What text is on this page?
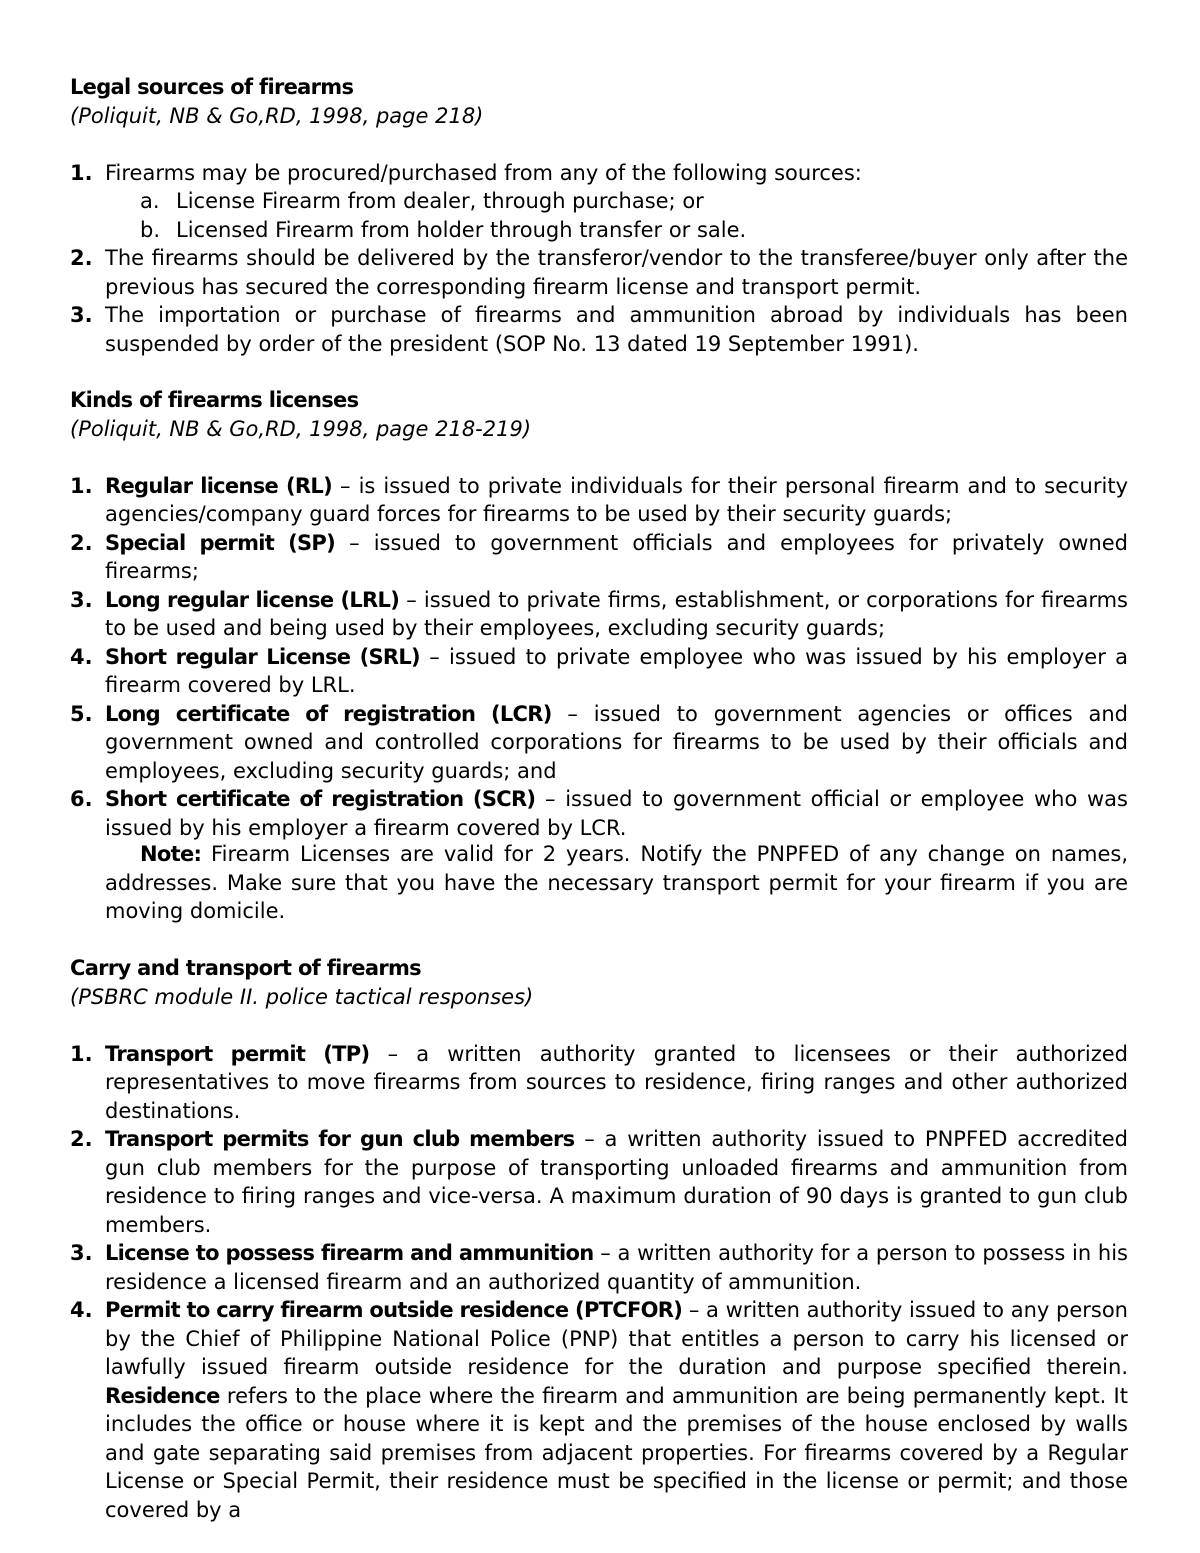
Legal sources of firearms

(Poliquit, NB & Go,RD, 1998, page 218)

1. Firearms may be procured/purchased from any of the following sources:
a. License Firearm from dealer, through purchase; or
b. Licensed Firearm from holder through transfer or sale.
2. The firearms should be delivered by the transferor/vendor to the transferee/buyer only after the previous has secured the corresponding firearm license and transport permit.
3. The importation or purchase of firearms and ammunition abroad by individuals has been suspended by order of the president (SOP No. 13 dated 19 September 1991).

Kinds of firearms licenses

(Poliquit, NB & Go,RD, 1998, page 218-219)

1. Regular license (RL) – is issued to private individuals for their personal firearm and to security agencies/company guard forces for firearms to be used by their security guards;
2. Special permit (SP) – issued to government officials and employees for privately owned firearms;
3. Long regular license (LRL) – issued to private firms, establishment, or corporations for firearms to be used and being used by their employees, excluding security guards;
4. Short regular License (SRL) – issued to private employee who was issued by his employer a firearm covered by LRL.
5. Long certificate of registration (LCR) – issued to government agencies or offices and government owned and controlled corporations for firearms to be used by their officials and employees, excluding security guards; and
6. Short certificate of registration (SCR) – issued to government official or employee who was issued by his employer a firearm covered by LCR.
Note: Firearm Licenses are valid for 2 years. Notify the PNPFED of any change on names, addresses. Make sure that you have the necessary transport permit for your firearm if you are moving domicile.

Carry and transport of firearms

(PSBRC module II. police tactical responses)

1. Transport permit (TP) – a written authority granted to licensees or their authorized representatives to move firearms from sources to residence, firing ranges and other authorized destinations.
2. Transport permits for gun club members – a written authority issued to PNPFED accredited gun club members for the purpose of transporting unloaded firearms and ammunition from residence to firing ranges and vice-versa. A maximum duration of 90 days is granted to gun club members.
3. License to possess firearm and ammunition – a written authority for a person to possess in his residence a licensed firearm and an authorized quantity of ammunition.
4. Permit to carry firearm outside residence (PTCFOR) – a written authority issued to any person by the Chief of Philippine National Police (PNP) that entitles a person to carry his licensed or lawfully issued firearm outside residence for the duration and purpose specified therein. Residence refers to the place where the firearm and ammunition are being permanently kept. It includes the office or house where it is kept and the premises of the house enclosed by walls and gate separating said premises from adjacent properties. For firearms covered by a Regular License or Special Permit, their residence must be specified in the license or permit; and those covered by a
